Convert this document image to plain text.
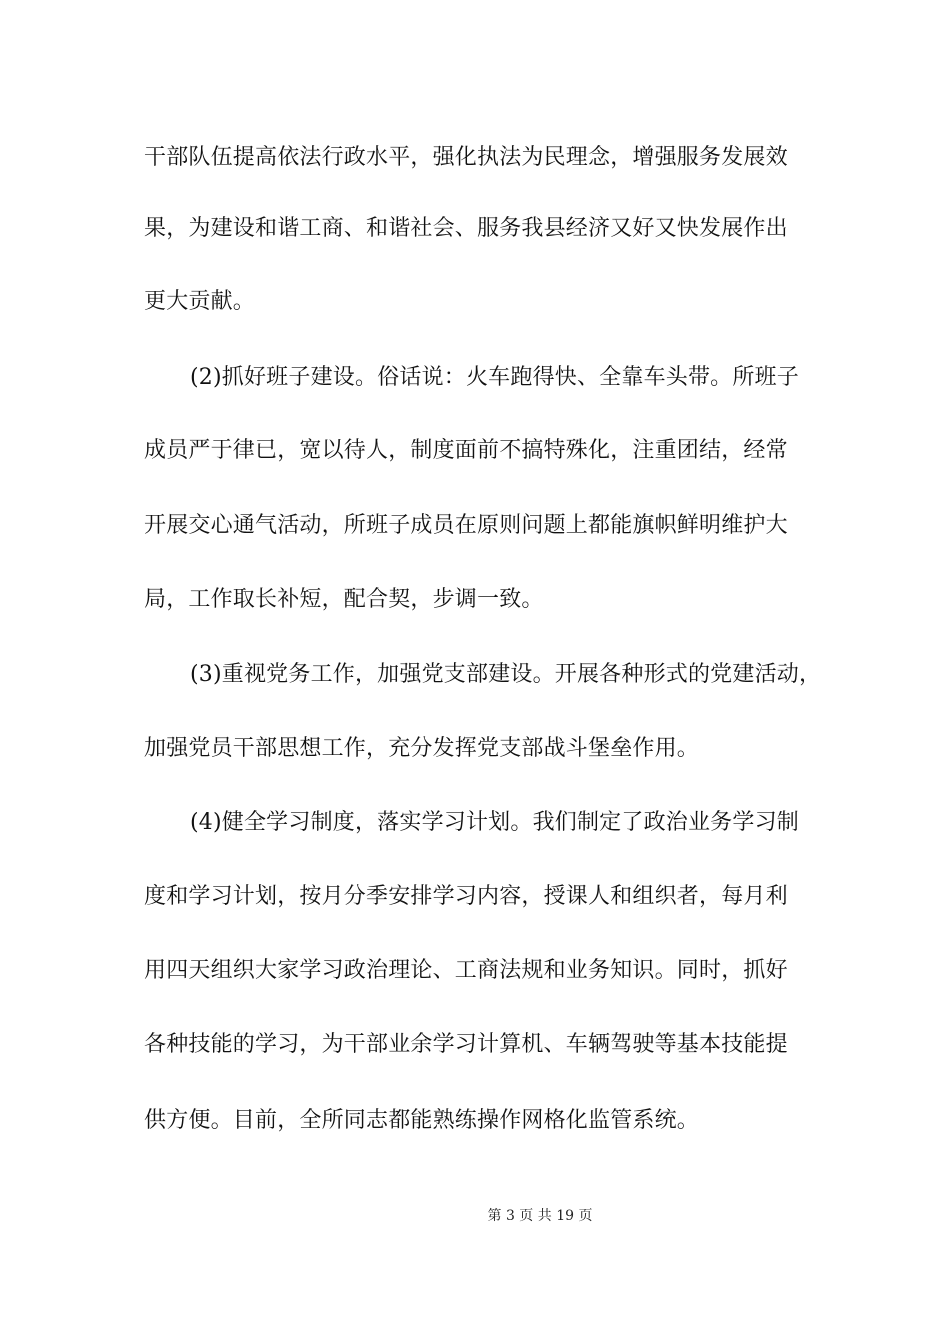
干部队伍提高依法行政水平，强化执法为民理念，增强服务发展效
果，为建设和谐工商、和谐社会、服务我县经济又好又快发展作出
更大贡献。
(2)抓好班子建设。俗话说：火车跑得快、全靠车头带。所班子
成员严于律已，宽以待人，制度面前不搞特殊化，注重团结，经常
开展交心通气活动，所班子成员在原则问题上都能旗帜鲜明维护大
局，工作取长补短，配合契，步调一致。
(3)重视党务工作，加强党支部建设。开展各种形式的党建活动，
加强党员干部思想工作，充分发挥党支部战斗堡垒作用。
(4)健全学习制度，落实学习计划。我们制定了政治业务学习制
度和学习计划，按月分季安排学习内容，授课人和组织者，每月利
用四天组织大家学习政治理论、工商法规和业务知识。同时，抓好
各种技能的学习，为干部业余学习计算机、车辆驾驶等基本技能提
供方便。目前，全所同志都能熟练操作网格化监管系统。
第 3 页 共 19 页
